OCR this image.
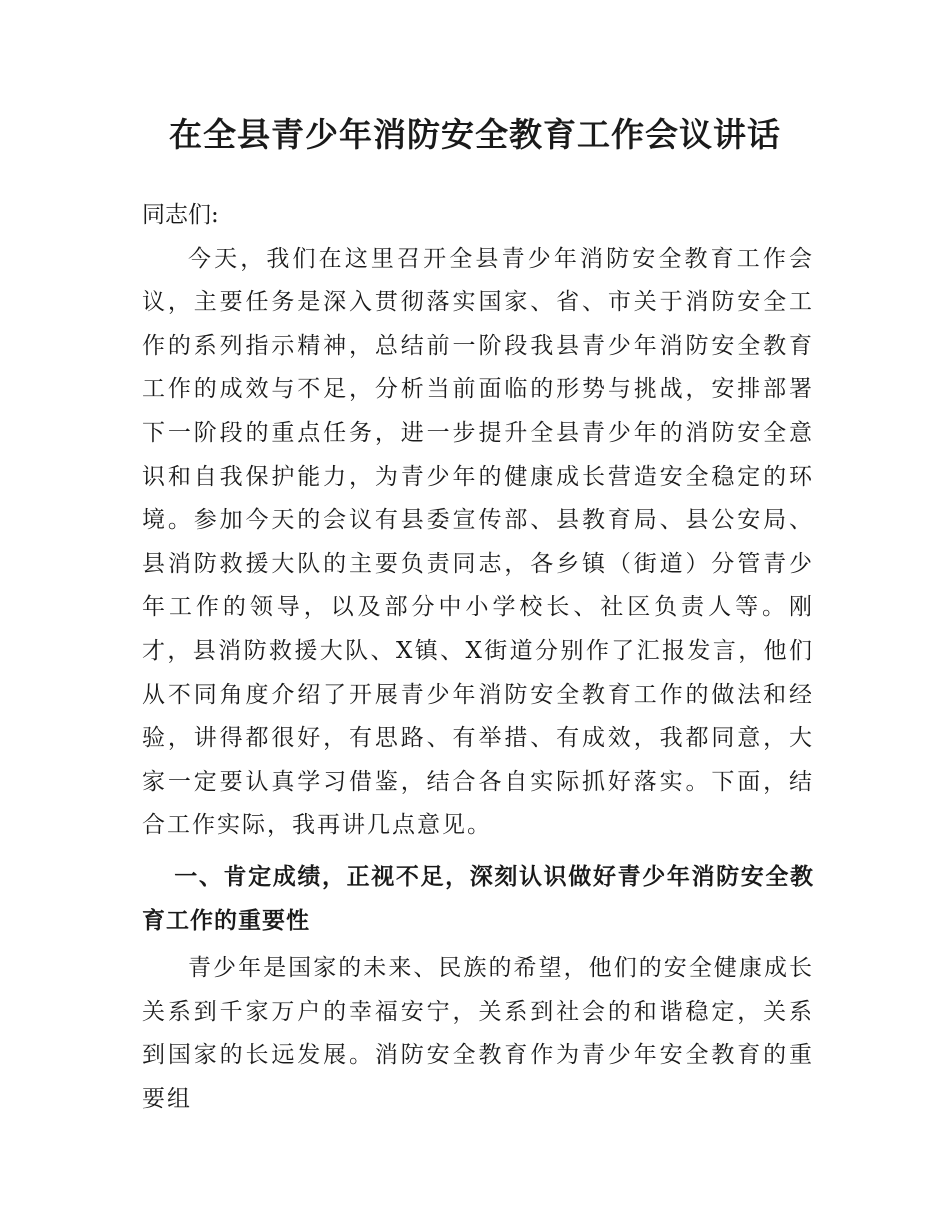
在全县青少年消防安全教育工作会议讲话

同志们:

今天，我们在这里召开全县青少年消防安全教育工作会议，主要任务是深入贯彻落实国家、省、市关于消防安全工作的系列指示精神，总结前一阶段我县青少年消防安全教育工作的成效与不足，分析当前面临的形势与挑战，安排部署下一阶段的重点任务，进一步提升全县青少年的消防安全意识和自我保护能力，为青少年的健康成长营造安全稳定的环境。参加今天的会议有县委宣传部、县教育局、县公安局、县消防救援大队的主要负责同志，各乡镇（街道）分管青少年工作的领导，以及部分中小学校长、社区负责人等。刚才，县消防救援大队、X镇、X街道分别作了汇报发言，他们从不同角度介绍了开展青少年消防安全教育工作的做法和经验，讲得都很好，有思路、有举措、有成效，我都同意，大家一定要认真学习借鉴，结合各自实际抓好落实。下面，结合工作实际，我再讲几点意见。

一、肯定成绩，正视不足，深刻认识做好青少年消防安全教育工作的重要性

青少年是国家的未来、民族的希望，他们的安全健康成长关系到千家万户的幸福安宁，关系到社会的和谐稳定，关系到国家的长远发展。消防安全教育作为青少年安全教育的重要组
